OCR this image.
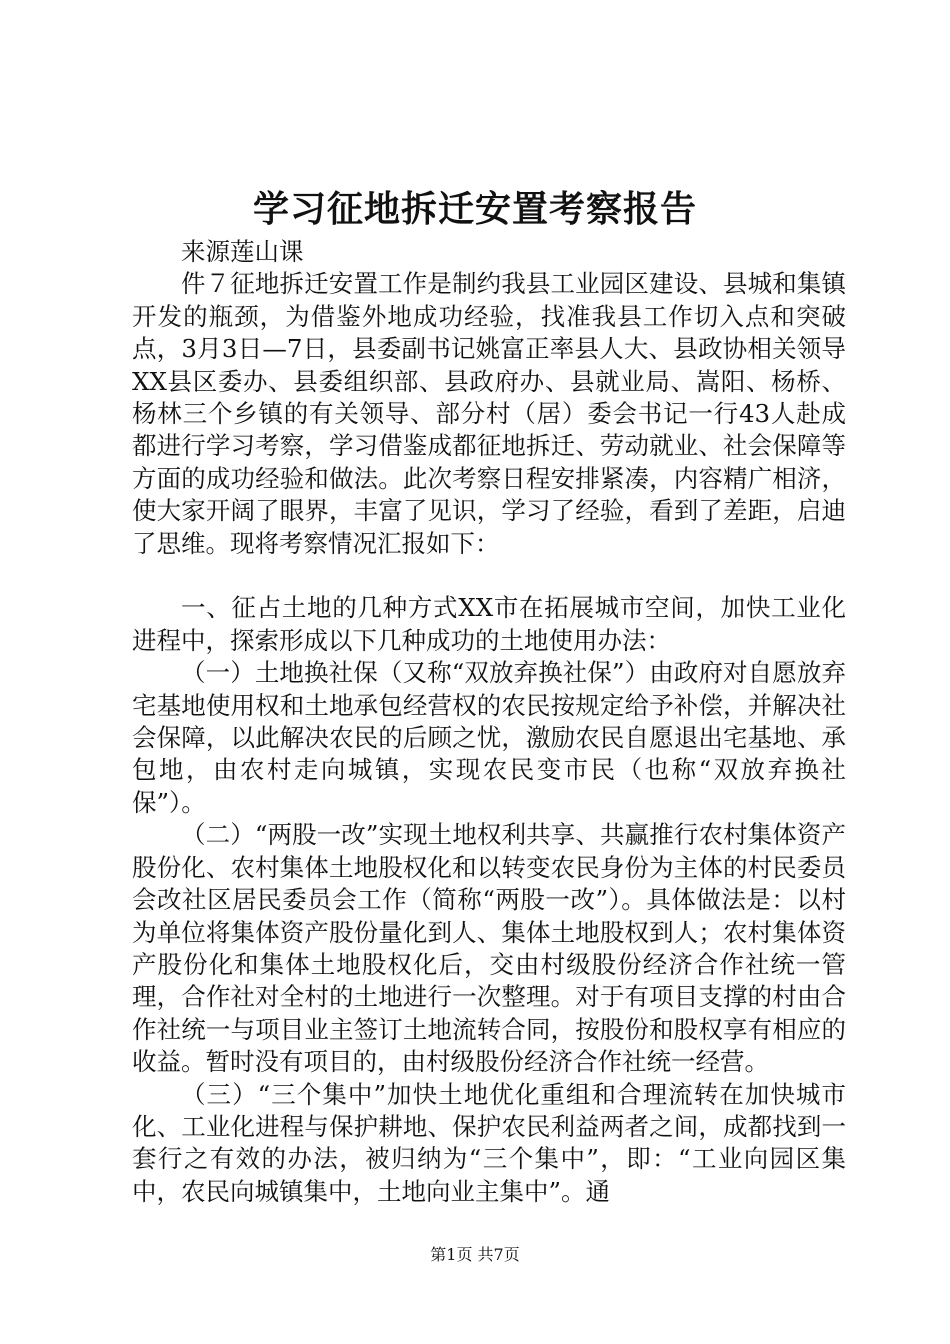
学习征地拆迁安置考察报告

来源莲山课

件７征地拆迁安置工作是制约我县工业园区建设、县城和集镇开发的瓶颈，为借鉴外地成功经验，找准我县工作切入点和突破点，3月3日—7日，县委副书记姚富正率县人大、县政协相关领导XX县区委办、县委组织部、县政府办、县就业局、嵩阳、杨桥、杨林三个乡镇的有关领导、部分村（居）委会书记一行43人赴成都进行学习考察，学习借鉴成都征地拆迁、劳动就业、社会保障等方面的成功经验和做法。此次考察日程安排紧凑，内容精广相济，使大家开阔了眼界，丰富了见识，学习了经验，看到了差距，启迪了思维。现将考察情况汇报如下：

一、征占土地的几种方式XX市在拓展城市空间，加快工业化进程中，探索形成以下几种成功的土地使用办法：

（一）土地换社保（又称“双放弃换社保”）由政府对自愿放弃宅基地使用权和土地承包经营权的农民按规定给予补偿，并解决社会保障，以此解决农民的后顾之忧，激励农民自愿退出宅基地、承包地，由农村走向城镇，实现农民变市民（也称“双放弃换社保”）。

（二）“两股一改”实现土地权利共享、共赢推行农村集体资产股份化、农村集体土地股权化和以转变农民身份为主体的村民委员会改社区居民委员会工作（简称“两股一改”）。具体做法是：以村为单位将集体资产股份量化到人、集体土地股权到人；农村集体资产股份化和集体土地股权化后，交由村级股份经济合作社统一管理，合作社对全村的土地进行一次整理。对于有项目支撑的村由合作社统一与项目业主签订土地流转合同，按股份和股权享有相应的收益。暂时没有项目的，由村级股份经济合作社统一经营。

（三）“三个集中”加快土地优化重组和合理流转在加快城市化、工业化进程与保护耕地、保护农民利益两者之间，成都找到一套行之有效的办法，被归纳为“三个集中”，即：“工业向园区集中，农民向城镇集中，土地向业主集中”。通

第1页 共7页
